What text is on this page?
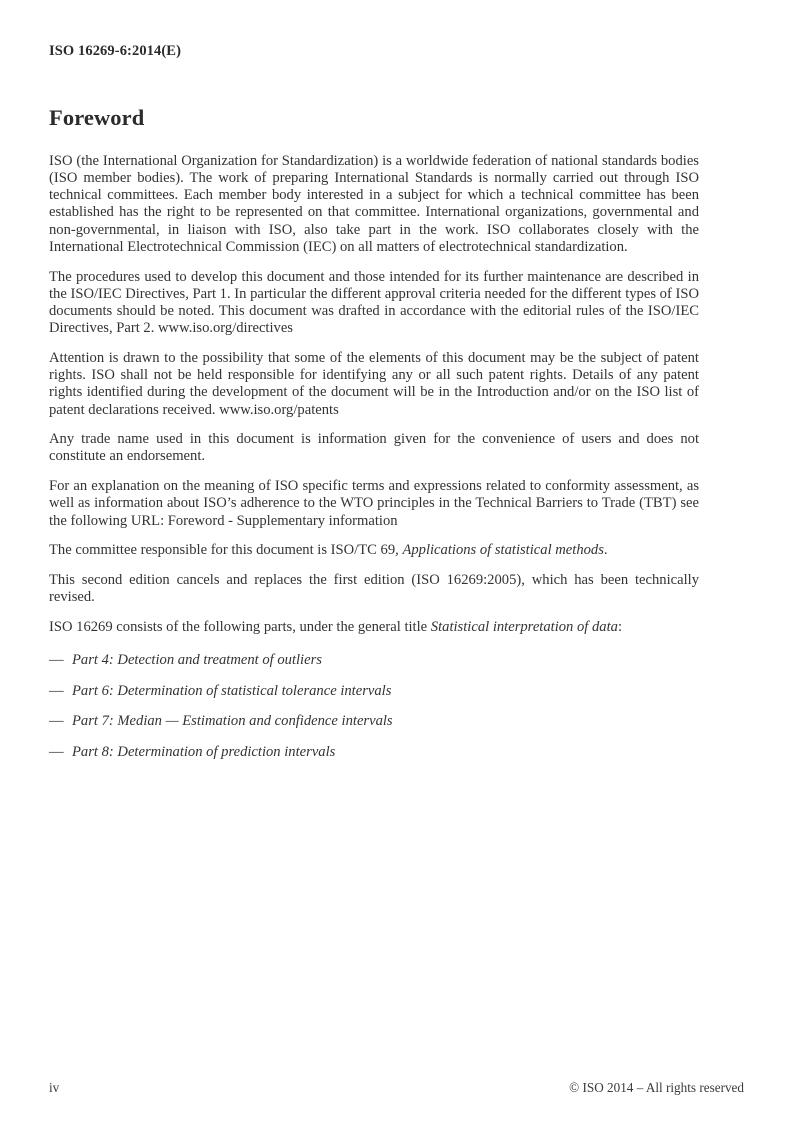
ISO 16269-6:2014(E)
Foreword

ISO (the International Organization for Standardization) is a worldwide federation of national standards bodies (ISO member bodies). The work of preparing International Standards is normally carried out through ISO technical committees. Each member body interested in a subject for which a technical committee has been established has the right to be represented on that committee. International organizations, governmental and non-governmental, in liaison with ISO, also take part in the work. ISO collaborates closely with the International Electrotechnical Commission (IEC) on all matters of electrotechnical standardization.

The procedures used to develop this document and those intended for its further maintenance are described in the ISO/IEC Directives, Part 1. In particular the different approval criteria needed for the different types of ISO documents should be noted. This document was drafted in accordance with the editorial rules of the ISO/IEC Directives, Part 2. www.iso.org/directives

Attention is drawn to the possibility that some of the elements of this document may be the subject of patent rights. ISO shall not be held responsible for identifying any or all such patent rights. Details of any patent rights identified during the development of the document will be in the Introduction and/or on the ISO list of patent declarations received. www.iso.org/patents

Any trade name used in this document is information given for the convenience of users and does not constitute an endorsement.

For an explanation on the meaning of ISO specific terms and expressions related to conformity assessment, as well as information about ISO’s adherence to the WTO principles in the Technical Barriers to Trade (TBT) see the following URL: Foreword - Supplementary information

The committee responsible for this document is ISO/TC 69, Applications of statistical methods.

This second edition cancels and replaces the first edition (ISO 16269:2005), which has been technically revised.

ISO 16269 consists of the following parts, under the general title Statistical interpretation of data:

— Part 4: Detection and treatment of outliers
— Part 6: Determination of statistical tolerance intervals
— Part 7: Median — Estimation and confidence intervals
— Part 8: Determination of prediction intervals
iv	© ISO 2014 – All rights reserved
